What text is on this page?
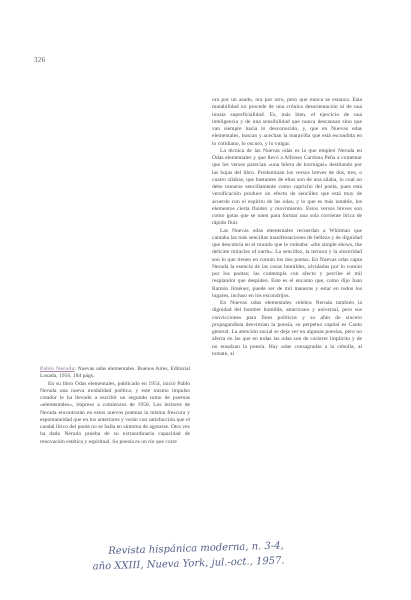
326

ora por un asado, ora por otro, pero que nunca se estanca. Esta mutabilidad no procede de una crónica desorientación ni de una innata superficialidad. Es, más bien, el ejercicio de una inteligencia y de una sensibilidad que nunca descansan sino que van siempre hacia lo desconocido, y, que en Nuevas odas elementales, buscan y acechan la maravilla que está escondida en lo cotidiano, lo oscuro, y lo vulgar.

La técnica de las Nuevas odas es la que empleó Neruda en Odas elementales y que llevó a Alfonso Cardona Peña a comentar que los versos parecían «una hilera de hormigas» destilando por las hojas del libro. Predominan los versos breves de dos, tres, o cuatro sílabas, que bastantes de ellos son de una sílaba, lo cual no debe tomarse sencillamente como capricho del poeta, pues esta versificación produce un efecto de sencillez que está muy de acuerdo con el espíritu de las odas, y lo que es más notable, los elementos cierta fluidez y movimiento. Estos versos breves son como gotas que se unen para formar una sola corriente lírica de rápido fluir.

Las Nuevas odas elementales recuerdan a Whitman que cantaba las más sencillas manifestaciones de belleza y de dignidad que descubría en el mundo que le rodeaba: «the simple shows, the delicate miracles of earth». La sencillez, la ternura y la sinceridad son lo que tienen en común los dos poetas. En Nuevas odas capta Neruda la esencia de las cosas humildes, olvidadas por lo común por los poetas; las contempla con afecto y percibe el mil resplandor que despiden. Este es el encanto que, como dijo Juan Ramón Jiménez, puede ser de mil maneras y estar en todos los lugares, incluso en los escondrijos.

En Nuevas odas elementales celebra Neruda también la dignidad del hombre humilde, americano y universal, pero sus convicciones para fines políticos y su afán de sincero propagandista desvirtúan la poesía, su perpetuo capital es Canto general. La atención social se deja ver en algunas poesías, pero no afecta en las que en todas las odas son de carácter implícito y de no ensalzan la poesía. Hay odas consagradas a la cebolla, al tomate, al

Pablo Neruda: Nuevas odas elementales. Buenos Aires, Editorial Losada, 1956, 184 págs.

En su libro Odas elementales, publicado en 1954, inició Pablo Neruda una nueva modalidad poética; y este mismo impulso creador le ha llevado a escribir un segundo tomo de poemas «elementales», impreso a comienzos de 1956. Los lectores de Neruda encontrarán en estos nuevos poemas la misma frescura y espontaneidad que en los anteriores y verán con satisfacción que el caudal lírico del poeta no se halla en síntoma de agotarse. Otra vez ha dado Neruda prueba de su extraordinaria capacidad de renovación estética y espiritual. Su poesía es un río que corre

Revista hispánica moderna, n. 3-4,
año XXIII, Nueva York, jul.-oct., 1957.
